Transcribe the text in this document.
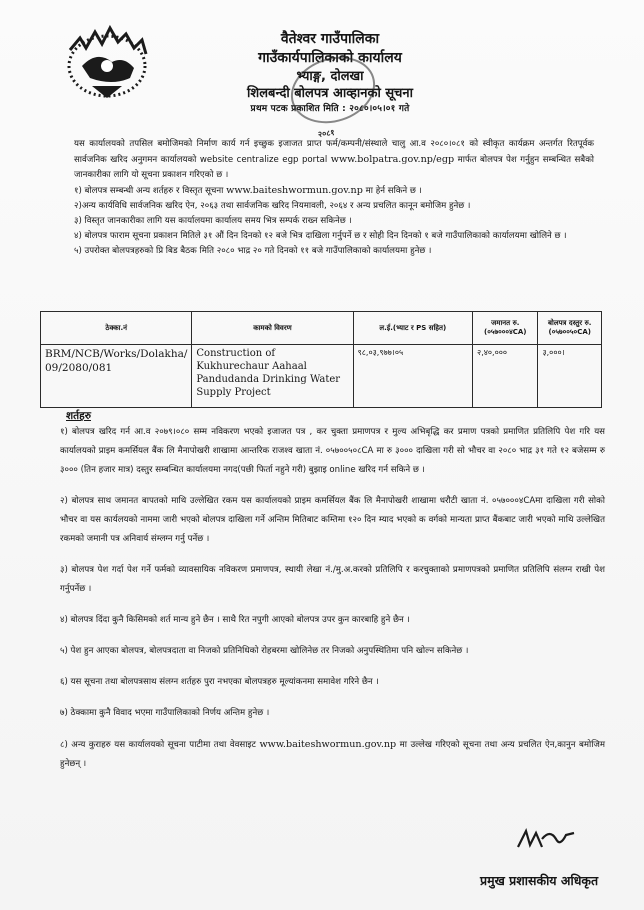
वैतेश्वर गाउँपालिका
गाउँकार्यपालिकाको कार्यालय
भ्याङ्ग, दोलखा
शिलबन्दी बोलपत्र आव्हानको सूचना
प्रथम पटक प्रकाशित मिति : २०८०।०५।०१ गते
२०८१

यस कार्यालयको तपसिल बमोजिमको निर्माण कार्य गर्न इच्छुक इजाजत प्राप्त फर्म/कम्पनी/संस्थाले चालु आ.व २०८०।०८१ को स्वीकृत कार्यक्रम अन्तर्गत रितपूर्वक सार्वजनिक खरिद अनुगमन कार्यालयको website centralize egp portal www.bolpatra.gov.np/egp मार्फत बोलपत्र पेश गर्नुहुन सम्बन्धित सबैको जानकारीका लागि यो सूचना प्रकाशन गरिएको छ ।

१) बोलपत्र सम्बन्धी अन्य शर्तहरु र विस्तृत सूचना www.baiteshwormun.gov.np मा हेर्न सकिने छ ।

२)अन्य कार्यविधि सार्वजनिक खरिद ऐन, २०६३ तथा सार्वजनिक खरिद नियमावली, २०६४ र अन्य प्रचलित कानून बमोजिम हुनेछ ।

३) विस्तृत जानकारीका लागि यस कार्यालयमा कार्यालय समय भित्र सम्पर्क राख्न सकिनेछ ।

४) बोलपत्र फाराम सूचना प्रकाशन मितिले ३१ औं दिन दिनको १२ बजे भित्र दाखिला गर्नुपर्ने छ र सोही दिन दिनको १ बजे गाउँपालिकाको कार्यालयमा खोलिने छ ।

५) उपरोक्त बोलपत्रहरुको प्रि बिड बैठक मिति २०८० भाद्र २० गते दिनको ११ बजे गाउँपालिकाको कार्यालयमा हुनेछ ।

ठेक्का.नं	कामको विवरण	ल.ई.(भ्याट र PS सहित)	जमानत रु. (०५७०००४CA)	बोलपत्र दस्तुर रु. (०५७००५०CA)
BRM/NCB/Works/Dolakha/ 09/2080/081	Construction of Kukhurechaur Aahaal Pandudanda Drinking Water Supply Project	९८,०३,९७७।०५	२,४०,०००	३,०००।
शर्तहरु

१) बोलपत्र खरिद गर्न आ.व २०७९।०८० सम्म नविकरण भएको इजाजत पत्र , कर चुक्ता प्रमाणपत्र र मुल्य अभिबृद्धि कर प्रमाण पत्रको प्रमाणित प्रतिलिपि पेश गरि यस कार्यालयको प्राइम कमर्सियल बैंक लि मैनापोखरी शाखामा आन्तरिक राजश्व खाता नं. ०५७००५०८CA मा रु ३००० दाखिला गरी सो भौचर वा २०८० भाद्र ३१ गते १२ बजेसम्म रु ३००० (तिन हजार मात्र) दस्तुर सम्बन्धित कार्यालयमा नगद(पछी फिर्ता नहुने गरी) बुझाइ online खरिद गर्न सकिने छ ।

२) बोलपत्र साथ जमानत बापतको माथि उल्लेखित रकम यस कार्यालयको प्राइम कमर्सियल बैंक लि मैनापोखरी शाखामा धरौटी खाता नं. ०५७०००४CAमा दाखिला गरी सोको भौचर वा यस कार्यलयको नाममा जारी भएको बोलपत्र दाखिला गर्ने अन्तिम मितिबाट कम्तिमा १२० दिन म्याद भएको क वर्गको मान्यता प्राप्त बैंकबाट जारी भएको माथि उल्लेखित रकमको जमानी पत्र अनिवार्य संम्लग्न गर्नु पर्नेछ ।

३) बोलपत्र पेश गर्दा पेश गर्ने फर्मको व्यावसायिक नविकरण प्रमाणपत्र, स्थायी लेखा नं./मु.अ.करको प्रतिलिपि र करचुक्ताको प्रमाणपत्रको प्रमाणित प्रतिलिपि संलग्न राखी पेश गर्नुपर्नेछ ।

४) बोलपत्र दिंदा कुनै किसिमको शर्त मान्य हुने छैन । साथै रित नपुगी आएको बोलपत्र उपर कुन कारबाहि हुने छैन ।

५) पेश हुन आएका बोलपत्र, बोलपत्रदाता वा निजको प्रतिनिधिको रोहबरमा खोलिनेछ तर निजको अनुपस्थितिमा पनि खोल्न सकिनेछ ।

६) यस सूचना तथा बोलपत्रसाथ संलग्न शर्तहरु पुरा नभएका बोलपत्रहरु मूल्यांकनमा समावेश गरिने छैन ।

७) ठेक्कामा कुनै विवाद भएमा गाउँपालिकाको निर्णय अन्तिम हुनेछ ।

८) अन्य कुराहरु यस कार्यालयको सूचना पाटीमा तथा वेवसाइट www.baiteshwormun.gov.np मा उल्लेख गरिएको सूचना तथा अन्य प्रचलित ऐन,कानुन बमोजिम हुनेछन् ।

प्रमुख प्रशासकीय अधिकृत
